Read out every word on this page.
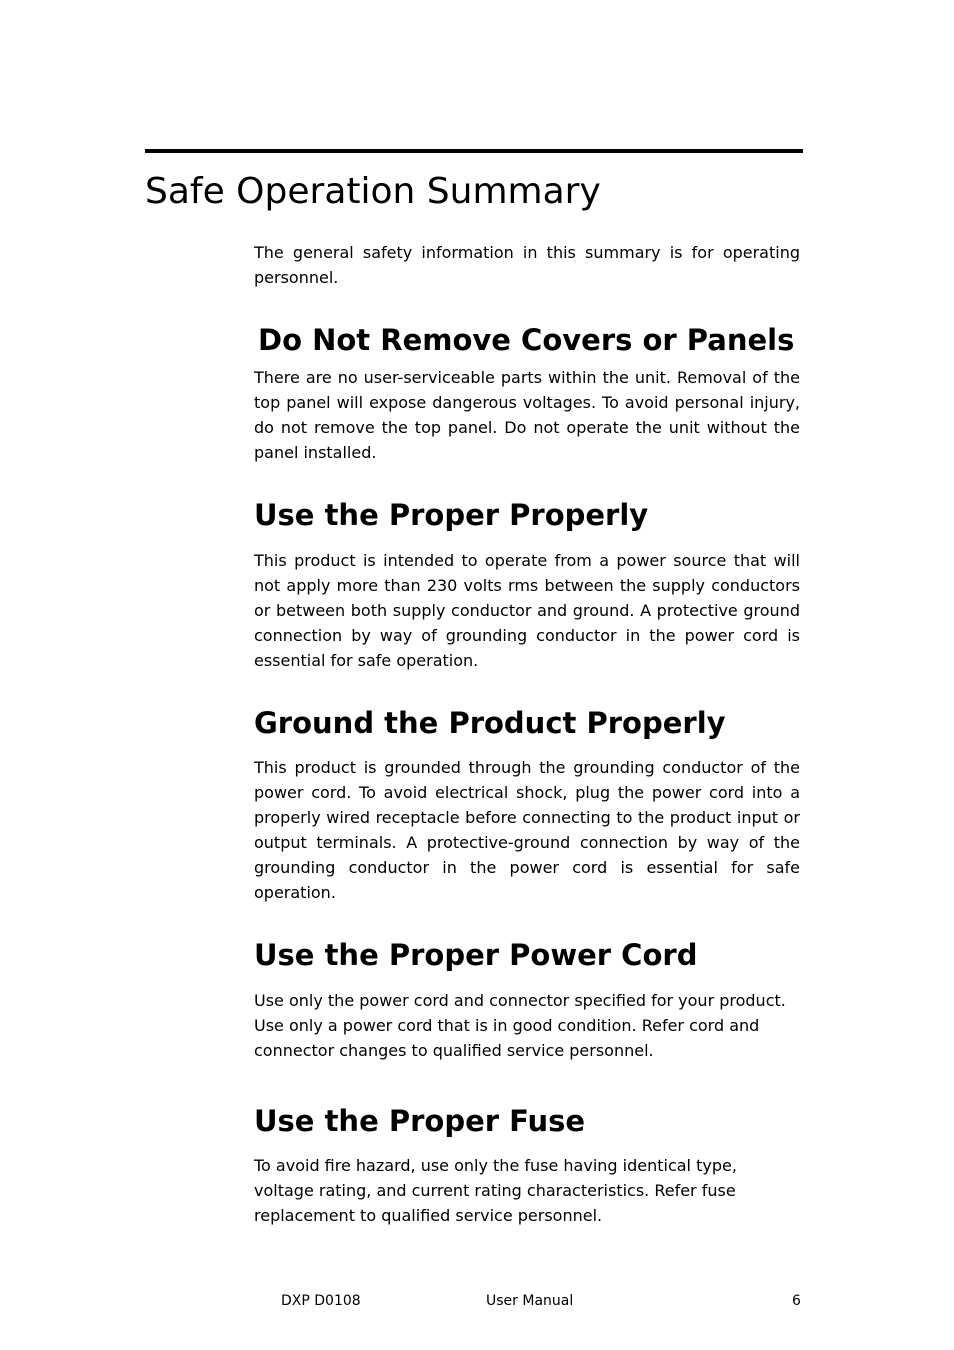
Safe Operation Summary

The general safety information in this summary is for operating personnel.

Do Not Remove Covers or Panels

There are no user-serviceable parts within the unit. Removal of the top panel will expose dangerous voltages. To avoid personal injury, do not remove the top panel. Do not operate the unit without the panel installed.

Use the Proper Properly

This product is intended to operate from a power source that will not apply more than 230 volts rms between the supply conductors or between both supply conductor and ground. A protective ground connection by way of grounding conductor in the power cord is essential for safe operation.

Ground the Product Properly

This product is grounded through the grounding conductor of the power cord. To avoid electrical shock, plug the power cord into a properly wired receptacle before connecting to the product input or output terminals. A protective-ground connection by way of the grounding conductor in the power cord is essential for safe operation.

Use the Proper Power Cord

Use only the power cord and connector specified for your product. Use only a power cord that is in good condition. Refer cord and connector changes to qualified service personnel.

Use the Proper Fuse

To avoid fire hazard, use only the fuse having identical type, voltage rating, and current rating characteristics. Refer fuse replacement to qualified service personnel.

DXP D0108	User Manual	6
